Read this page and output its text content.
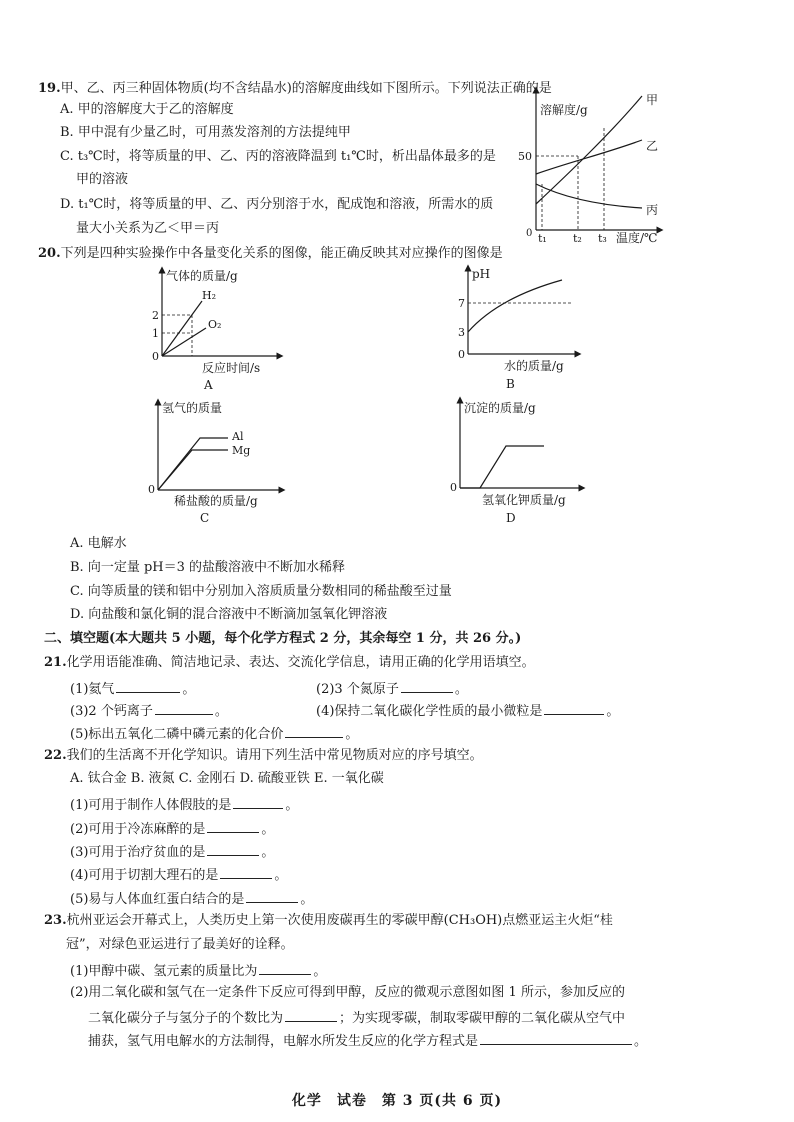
19.甲、乙、丙三种固体物质(均不含结晶水)的溶解度曲线如下图所示。下列说法正确的是
A. 甲的溶解度大于乙的溶解度
B. 甲中混有少量乙时，可用蒸发溶剂的方法提纯甲
C. t₃℃时，将等质量的甲、乙、丙的溶液降温到 t₁℃时，析出晶体最多的是
甲的溶液
D. t₁℃时，将等质量的甲、乙、丙分别溶于水，配成饱和溶液，所需水的质
量大小关系为乙＜甲＝丙
溶解度/g
甲
乙
丙
50
0 t₁ t₂ t₃ 温度/℃
20.下列是四种实验操作中各量变化关系的图像，能正确反映其对应操作的图像是
气体的质量/g
2
1
0
H₂
O₂
反应时间/s
A
pH
7
3
0
水的质量/g
B
氢气的质量
0
Al
Mg
稀盐酸的质量/g
C
沉淀的质量/g
0
氢氧化钾质量/g
D
A. 电解水
B. 向一定量 pH＝3 的盐酸溶液中不断加水稀释
C. 向等质量的镁和铝中分别加入溶质质量分数相同的稀盐酸至过量
D. 向盐酸和氯化铜的混合溶液中不断滴加氢氧化钾溶液
二、填空题(本大题共 5 小题，每个化学方程式 2 分，其余每空 1 分，共 26 分。)
21.化学用语能准确、简洁地记录、表达、交流化学信息，请用正确的化学用语填空。
(1)氦气	。	(2)3 个氮原子	。
(3)2 个钙离子	。	(4)保持二氧化碳化学性质的最小微粒是	。
(5)标出五氧化二磷中磷元素的化合价	。
22.我们的生活离不开化学知识。请用下列生活中常见物质对应的序号填空。
A. 钛合金 B. 液氮 C. 金刚石 D. 硫酸亚铁 E. 一氧化碳
(1)可用于制作人体假肢的是	。
(2)可用于冷冻麻醉的是	。
(3)可用于治疗贫血的是	。
(4)可用于切割大理石的是	。
(5)易与人体血红蛋白结合的是	。
23.杭州亚运会开幕式上，人类历史上第一次使用废碳再生的零碳甲醇(CH₃OH)点燃亚运主火炬“桂
冠”，对绿色亚运进行了最美好的诠释。
(1)甲醇中碳、氢元素的质量比为	。
(2)用二氧化碳和氢气在一定条件下反应可得到甲醇，反应的微观示意图如图 1 所示，参加反应的
二氧化碳分子与氢分子的个数比为	；为实现零碳，制取零碳甲醇的二氧化碳从空气中
捕获，氢气用电解水的方法制得，电解水所发生反应的化学方程式是	。
化学　试卷　第 3 页(共 6 页)
